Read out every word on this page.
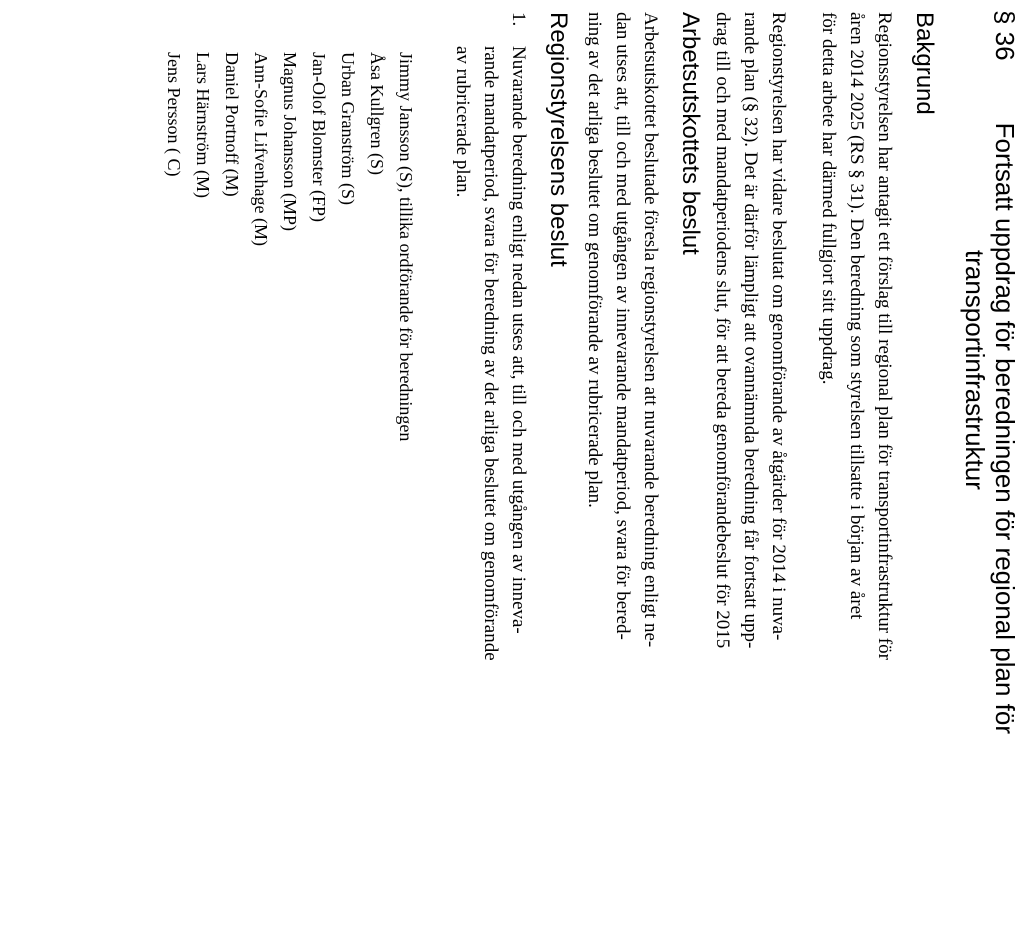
§ 36Fortsatt uppdrag för beredningen för regional plan för
transportinfrastruktur
Bakgrund

Regionsstyrelsen har antagit ett förslag till regional plan för transportinfrastruktur för
åren 2014 2025 (RS § 31). Den beredning som styrelsen tillsatte i början av året
för detta arbete har därmed fullgjort sitt uppdrag.

Regionstyrelsen har vidare beslutat om genomförande av åtgärder för 2014 i nuva-
rande plan (§ 32). Det är därför lämpligt att ovannämnda beredning får fortsatt upp-
drag till och med mandatperiodens slut, för att bereda genomförandebeslut för 2015

Arbetsutskottets beslut

Arbetsutskottet beslutade föresla regionstyrelsen att nuvarande beredning enligt ne-
dan utses att, till och med utgången av innevarande mandatperiod, svara för bered-
ning av det arliga beslutet om genomförande av rubricerade plan.

Regionstyrelsens beslut
1.
Nuvarande beredning enligt nedan utses att, till och med utgången av inneva-
rande mandatperiod, svara för beredning av det arliga beslutet om genomförande
av rubricerade plan.
Jimmy Jansson (S), tillika ordförande för beredningen
Åsa Kullgren (S)
Urban Granström (S)
Jan-Olof Blomster (FP)
Magnus Johansson (MP)
Ann-Sofie Lifvenhage (M)
Daniel Portnoff (M)
Lars Härnström (M)
Jens Persson ( C)
